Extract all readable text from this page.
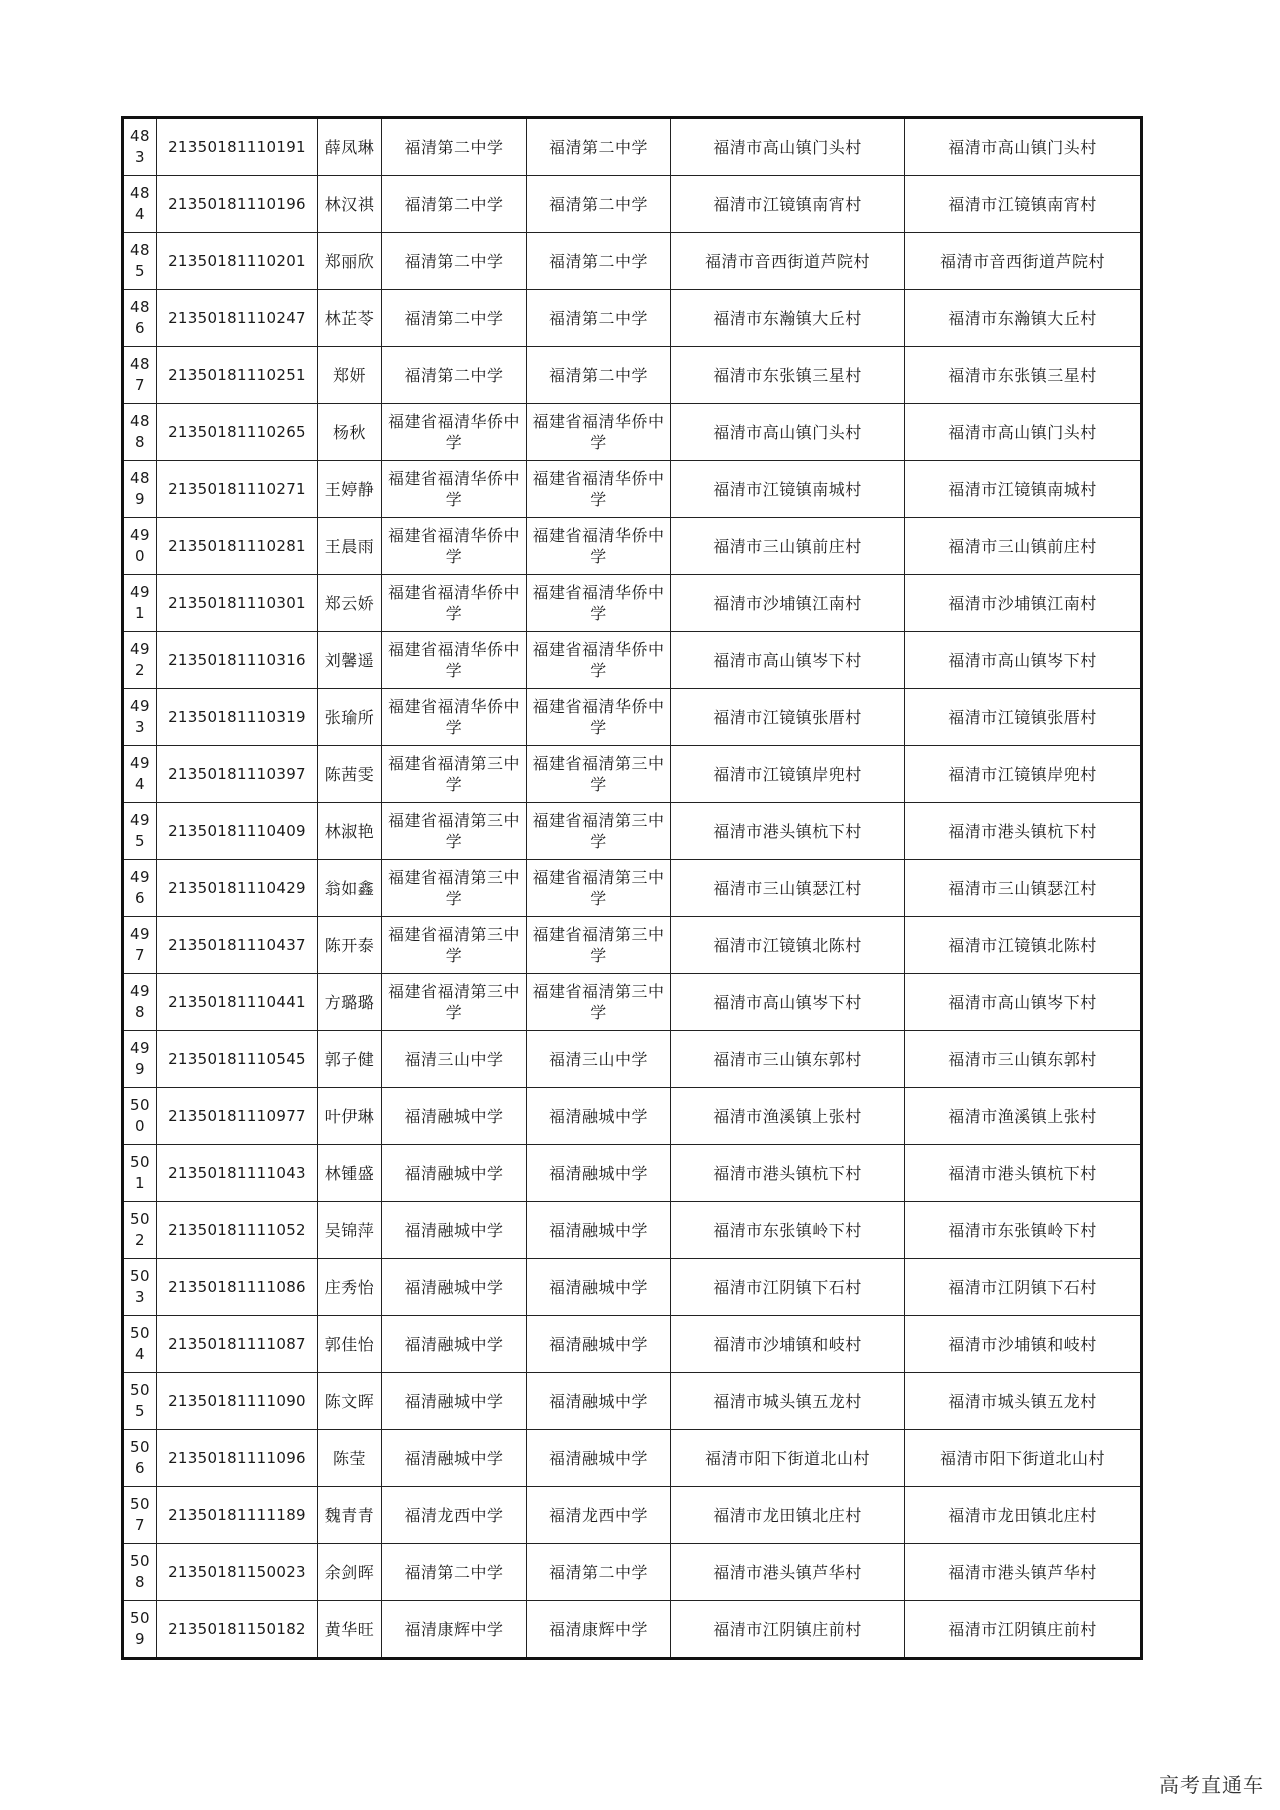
483	21350181110191	薛凤琳	福清第二中学	福清第二中学	福清市高山镇门头村	福清市高山镇门头村
484	21350181110196	林汉祺	福清第二中学	福清第二中学	福清市江镜镇南宵村	福清市江镜镇南宵村
485	21350181110201	郑丽欣	福清第二中学	福清第二中学	福清市音西街道芦院村	福清市音西街道芦院村
486	21350181110247	林芷苓	福清第二中学	福清第二中学	福清市东瀚镇大丘村	福清市东瀚镇大丘村
487	21350181110251	郑妍	福清第二中学	福清第二中学	福清市东张镇三星村	福清市东张镇三星村
488	21350181110265	杨秋	福建省福清华侨中学	福建省福清华侨中学	福清市高山镇门头村	福清市高山镇门头村
489	21350181110271	王婷静	福建省福清华侨中学	福建省福清华侨中学	福清市江镜镇南城村	福清市江镜镇南城村
490	21350181110281	王晨雨	福建省福清华侨中学	福建省福清华侨中学	福清市三山镇前庄村	福清市三山镇前庄村
491	21350181110301	郑云娇	福建省福清华侨中学	福建省福清华侨中学	福清市沙埔镇江南村	福清市沙埔镇江南村
492	21350181110316	刘馨遥	福建省福清华侨中学	福建省福清华侨中学	福清市高山镇岑下村	福清市高山镇岑下村
493	21350181110319	张瑜所	福建省福清华侨中学	福建省福清华侨中学	福清市江镜镇张厝村	福清市江镜镇张厝村
494	21350181110397	陈茜雯	福建省福清第三中学	福建省福清第三中学	福清市江镜镇岸兜村	福清市江镜镇岸兜村
495	21350181110409	林淑艳	福建省福清第三中学	福建省福清第三中学	福清市港头镇杭下村	福清市港头镇杭下村
496	21350181110429	翁如鑫	福建省福清第三中学	福建省福清第三中学	福清市三山镇瑟江村	福清市三山镇瑟江村
497	21350181110437	陈开泰	福建省福清第三中学	福建省福清第三中学	福清市江镜镇北陈村	福清市江镜镇北陈村
498	21350181110441	方璐璐	福建省福清第三中学	福建省福清第三中学	福清市高山镇岑下村	福清市高山镇岑下村
499	21350181110545	郭子健	福清三山中学	福清三山中学	福清市三山镇东郭村	福清市三山镇东郭村
500	21350181110977	叶伊琳	福清融城中学	福清融城中学	福清市渔溪镇上张村	福清市渔溪镇上张村
501	21350181111043	林锺盛	福清融城中学	福清融城中学	福清市港头镇杭下村	福清市港头镇杭下村
502	21350181111052	吴锦萍	福清融城中学	福清融城中学	福清市东张镇岭下村	福清市东张镇岭下村
503	21350181111086	庄秀怡	福清融城中学	福清融城中学	福清市江阴镇下石村	福清市江阴镇下石村
504	21350181111087	郭佳怡	福清融城中学	福清融城中学	福清市沙埔镇和岐村	福清市沙埔镇和岐村
505	21350181111090	陈文晖	福清融城中学	福清融城中学	福清市城头镇五龙村	福清市城头镇五龙村
506	21350181111096	陈莹	福清融城中学	福清融城中学	福清市阳下街道北山村	福清市阳下街道北山村
507	21350181111189	魏青青	福清龙西中学	福清龙西中学	福清市龙田镇北庄村	福清市龙田镇北庄村
508	21350181150023	余剑晖	福清第二中学	福清第二中学	福清市港头镇芦华村	福清市港头镇芦华村
509	21350181150182	黄华旺	福清康辉中学	福清康辉中学	福清市江阴镇庄前村	福清市江阴镇庄前村
高考直通车
